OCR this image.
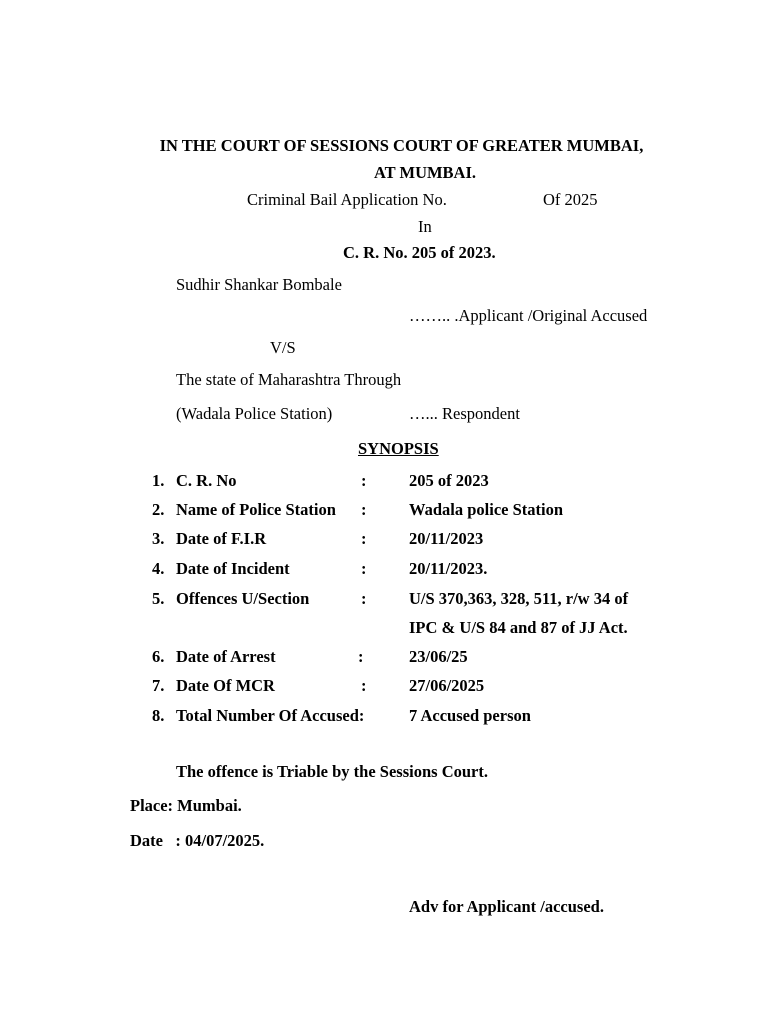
IN THE COURT OF SESSIONS COURT OF GREATER MUMBAI,
AT MUMBAI.
Criminal Bail Application No.	Of 2025
In
C. R. No. 205 of 2023.
Sudhir Shankar Bombale
…….. .Applicant /Original Accused
V/S
The state of Maharashtra Through
(Wadala Police Station)	…... Respondent
SYNOPSIS
1. C. R. No	:	205 of 2023
2. Name of Police Station :	Wadala police Station
3. Date of F.I.R	:	20/11/2023
4. Date of Incident	:	20/11/2023.
5. Offences U/Section	:	U/S 370,363, 328, 511, r/w 34 of
IPC & U/S 84 and 87 of JJ Act.
6. Date of Arrest	:	23/06/25
7. Date Of MCR	:	27/06/2025
8. Total Number Of Accused:	7 Accused person
The offence is Triable by the Sessions Court.
Place: Mumbai.
Date   : 04/07/2025.
Adv for Applicant /accused.
